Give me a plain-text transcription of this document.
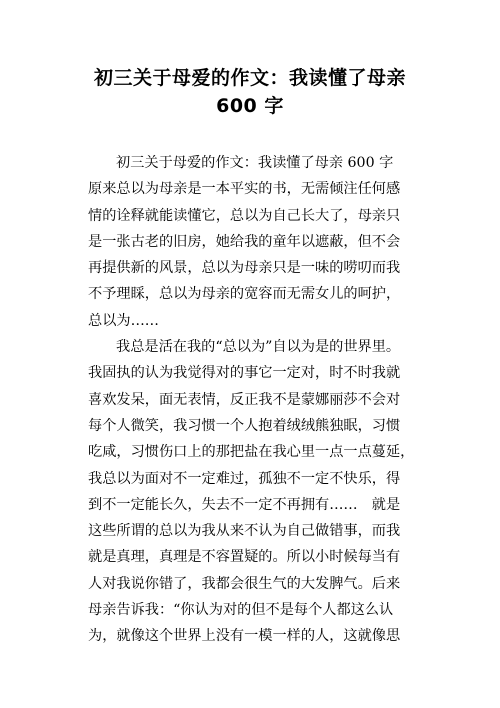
初三关于母爱的作文：我读懂了母亲
600 字
初三关于母爱的作文：我读懂了母亲 600 字
原来总以为母亲是一本平实的书，无需倾注任何感
情的诠释就能读懂它，总以为自己长大了，母亲只
是一张古老的旧房，她给我的童年以遮蔽，但不会
再提供新的风景，总以为母亲只是一味的唠叨而我
不予理睬，总以为母亲的宽容而无需女儿的呵护，
总以为……
我总是活在我的“总以为”自以为是的世界里。
我固执的认为我觉得对的事它一定对，时不时我就
喜欢发呆，面无表情，反正我不是蒙娜丽莎不会对
每个人微笑，我习惯一个人抱着绒绒熊独眠，习惯
吃咸，习惯伤口上的那把盐在我心里一点一点蔓延，
我总以为面对不一定难过，孤独不一定不快乐，得
到不一定能长久，失去不一定不再拥有……　就是
这些所谓的总以为我从来不认为自己做错事，而我
就是真理，真理是不容置疑的。所以小时候每当有
人对我说你错了，我都会很生气的大发脾气。后来
母亲告诉我：“你认为对的但不是每个人都这么认
为，就像这个世界上没有一模一样的人，这就像思
